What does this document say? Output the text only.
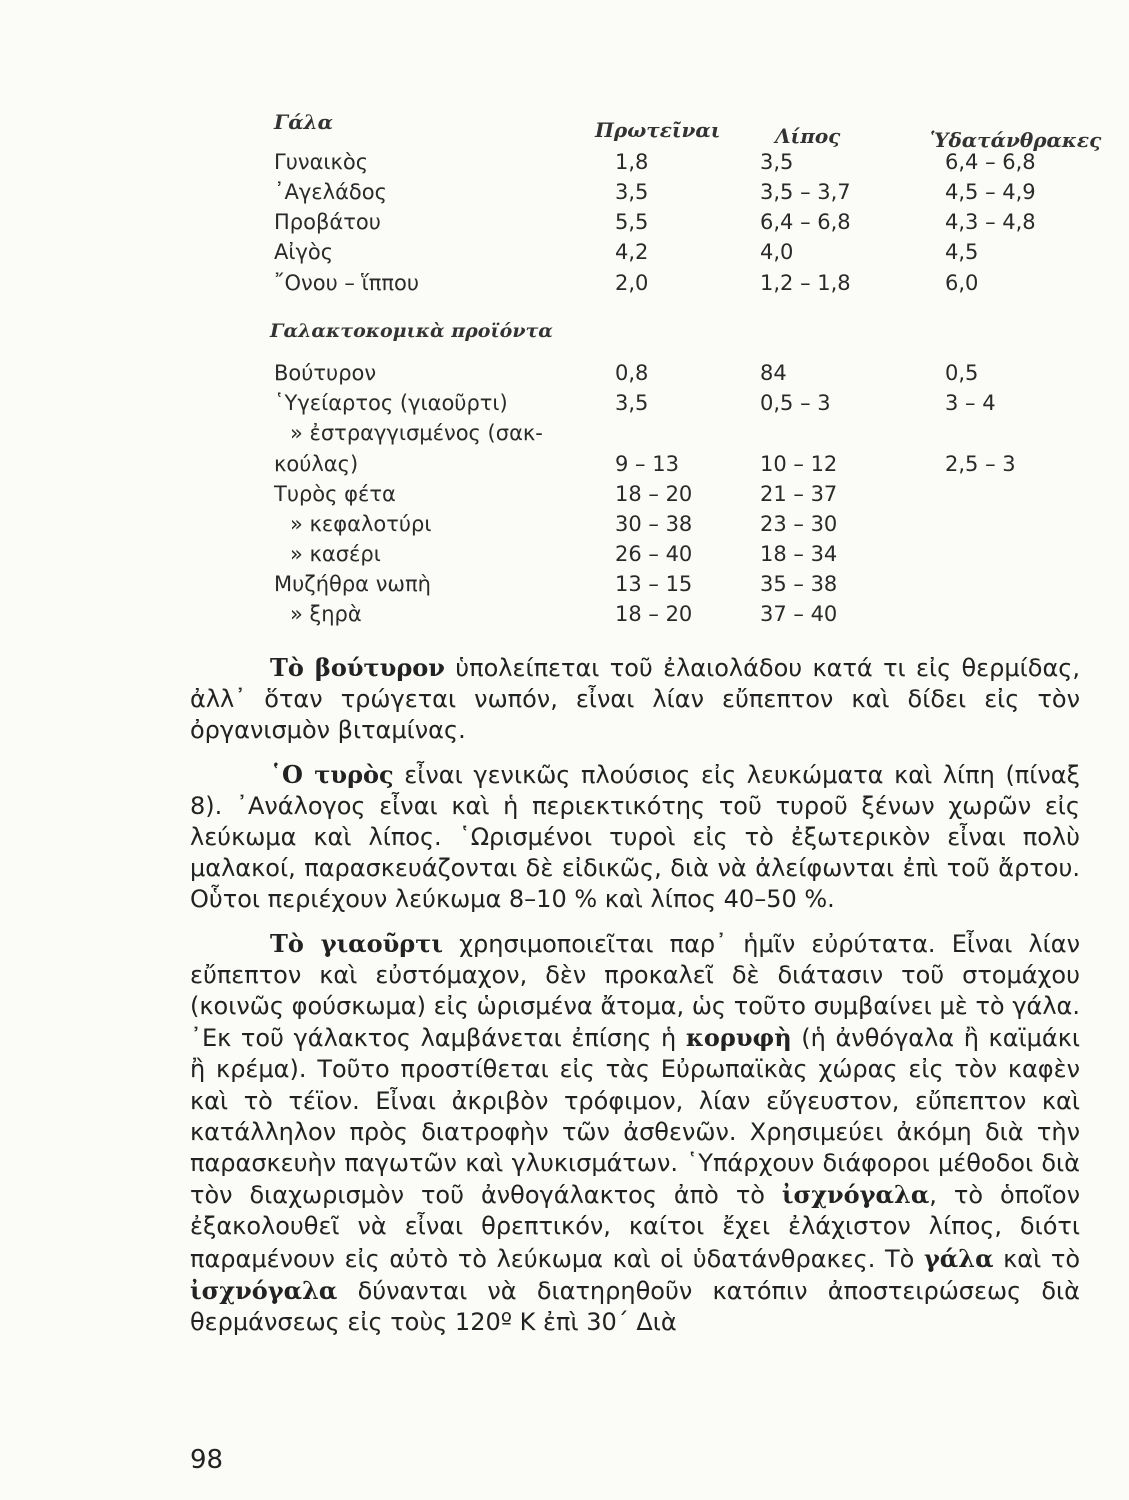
Γάλα	Πρωτεῖναι	Λίπος	Ὑδατάνθρακες
Γυναικὸς	1,8	3,5	6,4 – 6,8
᾿Αγελάδος	3,5	3,5 – 3,7	4,5 – 4,9
Προβάτου	5,5	6,4 – 6,8	4,3 – 4,8
Αἰγὸς	4,2	4,0	4,5
῎Ονου – ἵππου	2,0	1,2 – 1,8	6,0
Γαλακτοκομικὰ προϊόντα
Βούτυρον	0,8	84	0,5
῾Υγείαρτος (γιαοῦρτι)	3,5	0,5 – 3	3 – 4
» ἐστραγγισμένος (σακ-
κούλας)	9 – 13	10 – 12	2,5 – 3
Τυρὸς φέτα	18 – 20	21 – 37
» κεφαλοτύρι	30 – 38	23 – 30
» κασέρι	26 – 40	18 – 34
Μυζήθρα νωπὴ	13 – 15	35 – 38
» ξηρὰ	18 – 20	37 – 40

Τὸ βούτυρον ὑπολείπεται τοῦ ἐλαιολάδου κατά τι εἰς θερμίδας, ἀλλ᾿ ὅταν τρώγεται νωπόν, εἶναι λίαν εὔπεπτον καὶ δίδει εἰς τὸν ὀργανισμὸν βιταμίνας.

῾Ο τυρὸς εἶναι γενικῶς πλούσιος εἰς λευκώματα καὶ λίπη (πίναξ 8). ᾿Ανάλογος εἶναι καὶ ἡ περιεκτικότης τοῦ τυροῦ ξένων χωρῶν εἰς λεύκωμα καὶ λίπος. ῾Ωρισμένοι τυροὶ εἰς τὸ ἐξωτερικὸν εἶναι πολὺ μαλακοί, παρασκευάζονται δὲ εἰδικῶς, διὰ νὰ ἀλείφωνται ἐπὶ τοῦ ἄρτου. Οὗτοι περιέχουν λεύκωμα 8–10 % καὶ λίπος 40–50 %.

Τὸ γιαοῦρτι χρησιμοποιεῖται παρ᾿ ἡμῖν εὐρύτατα. Εἶναι λίαν εὔπεπτον καὶ εὐστόμαχον, δὲν προκαλεῖ δὲ διάτασιν τοῦ στομάχου (κοινῶς φούσκωμα) εἰς ὡρισμένα ἄτομα, ὡς τοῦτο συμβαίνει μὲ τὸ γάλα. ᾿Εκ τοῦ γάλακτος λαμβάνεται ἐπίσης ἡ κορυφὴ (ἡ ἀνθόγαλα ἢ καϊμάκι ἢ κρέμα). Τοῦτο προστίθεται εἰς τὰς Εὐρωπαϊκὰς χώρας εἰς τὸν καφὲν καὶ τὸ τέϊον. Εἶναι ἀκριβὸν τρόφιμον, λίαν εὔγευστον, εὔπεπτον καὶ κατάλληλον πρὸς διατροφὴν τῶν ἀσθενῶν. Χρησιμεύει ἀκόμη διὰ τὴν παρασκευὴν παγωτῶν καὶ γλυκισμάτων. ῾Υπάρχουν διάφοροι μέθοδοι διὰ τὸν διαχωρισμὸν τοῦ ἀνθογάλακτος ἀπὸ τὸ ἰσχνόγαλα, τὸ ὁποῖον ἐξακολουθεῖ νὰ εἶναι θρεπτικόν, καίτοι ἔχει ἐλάχιστον λίπος, διότι παραμένουν εἰς αὐτὸ τὸ λεύκωμα καὶ οἱ ὑδατάνθρακες. Τὸ γάλα καὶ τὸ ἰσχνόγαλα δύνανται νὰ διατηρηθοῦν κατόπιν ἀποστειρώσεως διὰ θερμάνσεως εἰς τοὺς 120º Κ ἐπὶ 30΄ Διὰ

98
